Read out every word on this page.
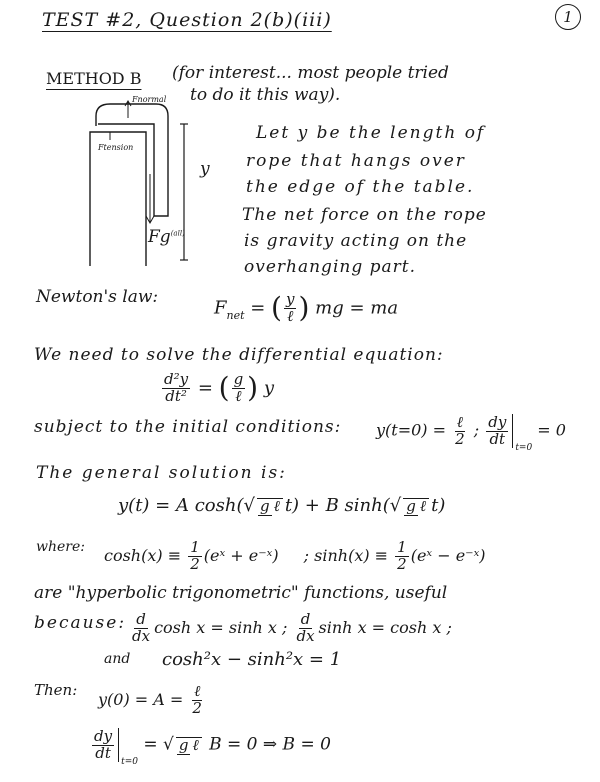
TEST #2, Question 2(b)(iii)	1
METHOD B (for interest... most people tried
to do it this way).
Fnormal
Ftension
$Fg^{(all)}$
y
Let y be the length of
rope that hangs over
the edge of the table.
The net force on the rope
is gravity acting on the
overhanging part.
Newton's law:
$F_{net}$ = ( $\frac{y}{\text{ℓ}}$ ) mg = ma
We need to solve the differential equation:
$\frac{\text{d²y}}{\text{dt²}}$ = ( $\frac{g}{\text{ℓ}}$ ) y
subject to the initial conditions: $y(t=0) = \frac{\text{ℓ}}{2}$ ; $\frac{dy}{dt}$
$_{t=0}$ = 0
The general solution is:
y(t) = A cosh(√ g ℓ t) + B sinh(√ g ℓ t)
where: $\cosh(x) \equiv \frac{1}{2}$ (eˣ + e⁻ˣ) ; $\sinh(x) \equiv \frac{1}{2}$ (eˣ − e⁻ˣ)
are "hyperbolic trigonometric" functions, useful
because: $\frac{d}{dx}$ cosh x = sinh x ; $\frac{d}{dx}$ sinh x = cosh x ;
and cosh²x − sinh²x = 1
Then: $y(0) = A = \frac{\text{ℓ}}{2}$
$\frac{dy}{dt}$
$_{t=0}$ = √ g ℓ B = 0 ⇒ B = 0
